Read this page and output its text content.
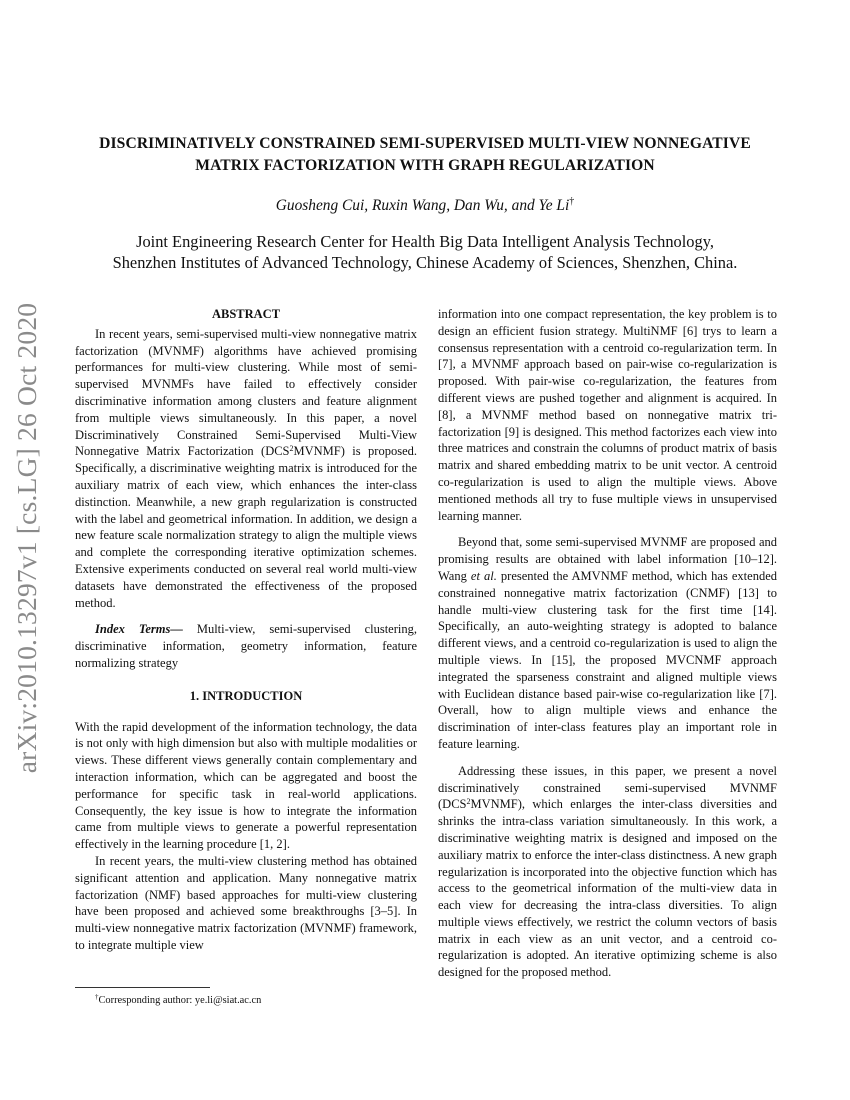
arXiv:2010.13297v1 [cs.LG] 26 Oct 2020
DISCRIMINATIVELY CONSTRAINED SEMI-SUPERVISED MULTI-VIEW NONNEGATIVE
MATRIX FACTORIZATION WITH GRAPH REGULARIZATION
Guosheng Cui, Ruxin Wang, Dan Wu, and Ye Li†
Joint Engineering Research Center for Health Big Data Intelligent Analysis Technology,
Shenzhen Institutes of Advanced Technology, Chinese Academy of Sciences, Shenzhen, China.
ABSTRACT

In recent years, semi-supervised multi-view nonnegative matrix factorization (MVNMF) algorithms have achieved promising performances for multi-view clustering. While most of semi-supervised MVNMFs have failed to effectively consider discriminative information among clusters and feature alignment from multiple views simultaneously. In this paper, a novel Discriminatively Constrained Semi-Supervised Multi-View Nonnegative Matrix Factorization (DCS$^2$MVNMF) is proposed. Specifically, a discriminative weighting matrix is introduced for the auxiliary matrix of each view, which enhances the inter-class distinction. Meanwhile, a new graph regularization is constructed with the label and geometrical information. In addition, we design a new feature scale normalization strategy to align the multiple views and complete the corresponding iterative optimization schemes. Extensive experiments conducted on several real world multi-view datasets have demonstrated the effectiveness of the proposed method.

Index Terms— Multi-view, semi-supervised clustering, discriminative information, geometry information, feature normalizing strategy

1. INTRODUCTION

With the rapid development of the information technology, the data is not only with high dimension but also with multiple modalities or views. These different views generally contain complementary and interaction information, which can be aggregated and boost the performance for specific task in real-world applications. Consequently, the key issue is how to integrate the information came from multiple views to generate a powerful representation effectively in the learning procedure [1, 2].

In recent years, the multi-view clustering method has obtained significant attention and application. Many nonnegative matrix factorization (NMF) based approaches for multi-view clustering have been proposed and achieved some breakthroughs [3–5]. In multi-view nonnegative matrix factorization (MVNMF) framework, to integrate multiple view

information into one compact representation, the key problem is to design an efficient fusion strategy. MultiNMF [6] trys to learn a consensus representation with a centroid co-regularization term. In [7], a MVNMF approach based on pair-wise co-regularization is proposed. With pair-wise co-regularization, the features from different views are pushed together and alignment is acquired. In [8], a MVNMF method based on nonnegative matrix tri-factorization [9] is designed. This method factorizes each view into three matrices and constrain the columns of product matrix of basis matrix and shared embedding matrix to be unit vector. A centroid co-regularization is used to align the multiple views. Above mentioned methods all try to fuse multiple views in unsupervised learning manner.

Beyond that, some semi-supervised MVNMF are proposed and promising results are obtained with label information [10–12]. Wang et al. presented the AMVNMF method, which has extended constrained nonnegative matrix factorization (CNMF) [13] to handle multi-view clustering task for the first time [14]. Specifically, an auto-weighting strategy is adopted to balance different views, and a centroid co-regularization is used to align the multiple views. In [15], the proposed MVCNMF approach integrated the sparseness constraint and aligned multiple views with Euclidean distance based pair-wise co-regularization like [7]. Overall, how to align multiple views and enhance the discrimination of inter-class features play an important role in feature learning.

Addressing these issues, in this paper, we present a novel discriminatively constrained semi-supervised MVNMF (DCS$^2$MVNMF), which enlarges the inter-class diversities and shrinks the intra-class variation simultaneously. In this work, a discriminative weighting matrix is designed and imposed on the auxiliary matrix to enforce the inter-class distinctness. A new graph regularization is incorporated into the objective function which has access to the geometrical information of the multi-view data in each view for decreasing the intra-class diversities. To align multiple views effectively, we restrict the column vectors of basis matrix in each view as an unit vector, and a centroid co-regularization is adopted. An iterative optimizing scheme is also designed for the proposed method.

†Corresponding author: ye.li@siat.ac.cn
